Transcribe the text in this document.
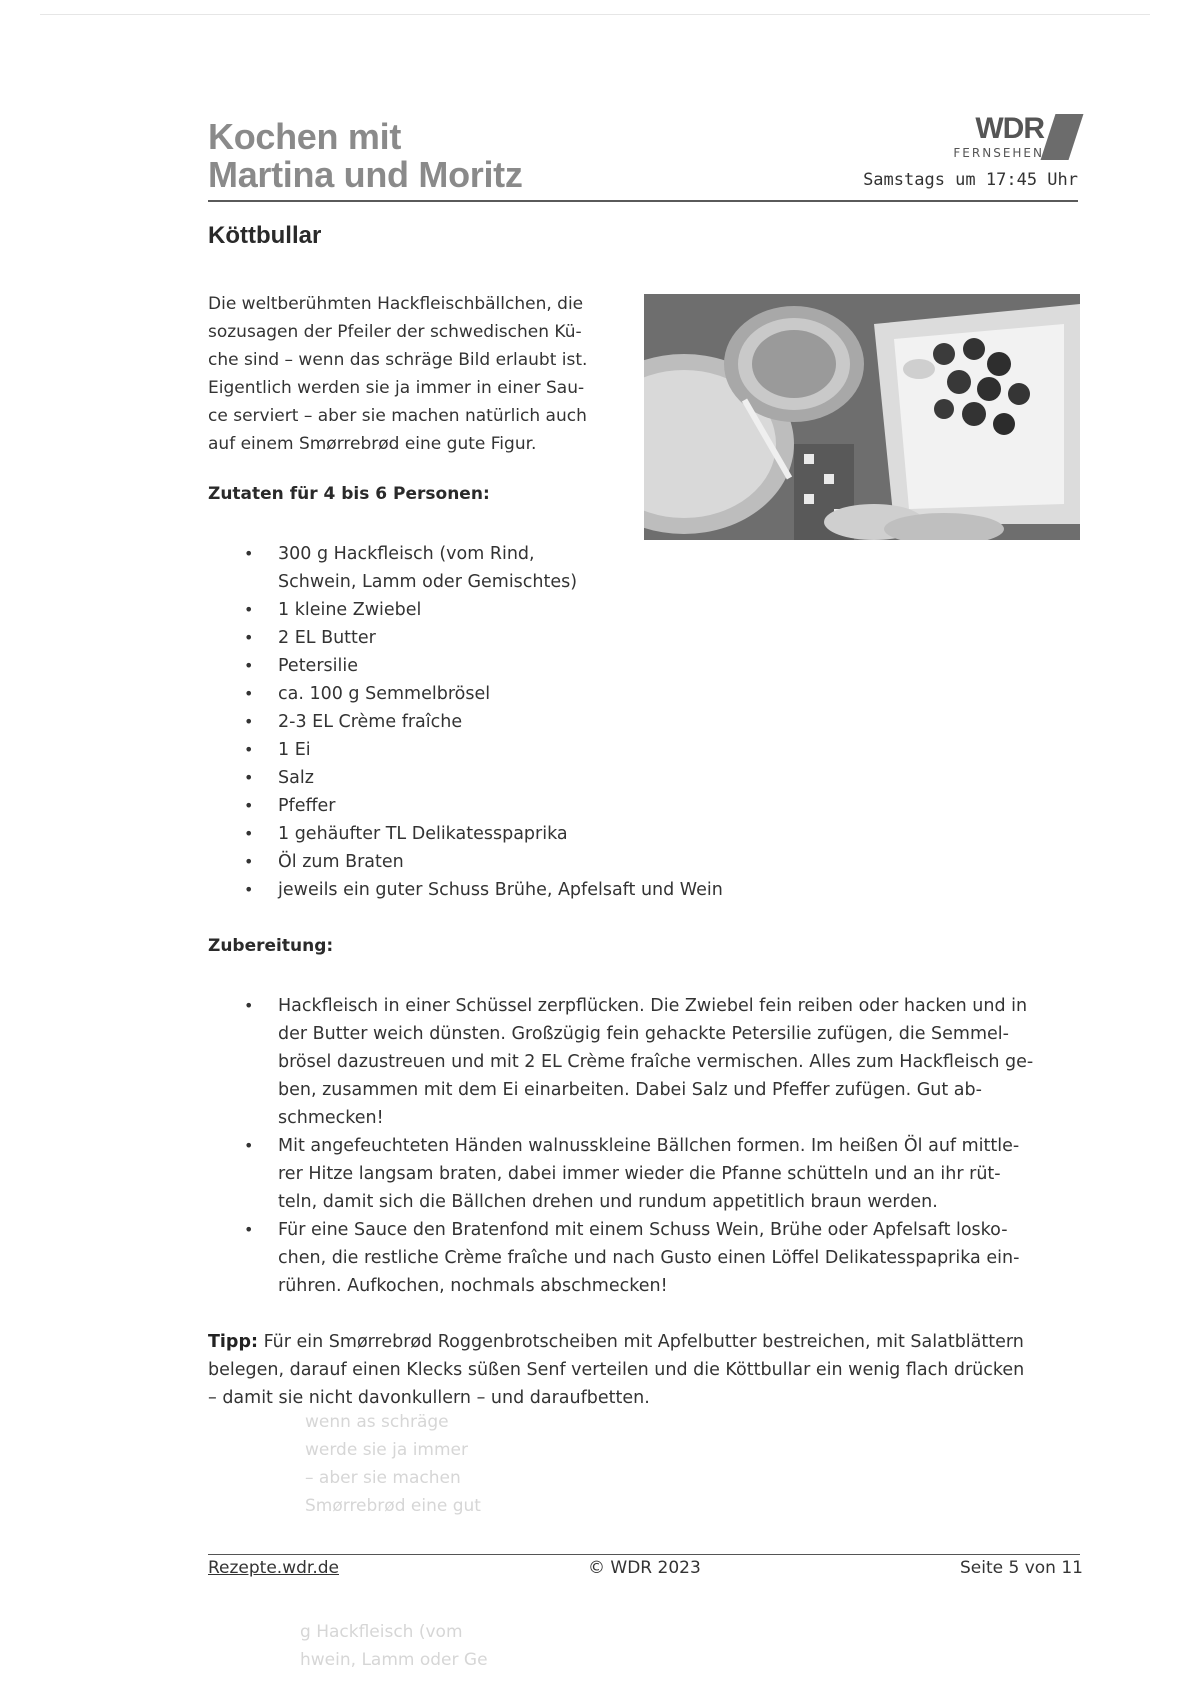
Kochen mit
Martina und Moritz
WDR
FERNSEHEN
Samstags um 17:45 Uhr
Köttbullar
Die weltberühmten Hackfleischbällchen, die
sozusagen der Pfeiler der schwedischen Kü-
che sind – wenn das schräge Bild erlaubt ist.
Eigentlich werden sie ja immer in einer Sau-
ce serviert – aber sie machen natürlich auch
auf einem Smørrebrød eine gute Figur.
Zutaten für 4 bis 6 Personen:
• 300 g Hackfleisch (vom Rind,
Schwein, Lamm oder Gemischtes)
• 1 kleine Zwiebel
• 2 EL Butter
• Petersilie
• ca. 100 g Semmelbrösel
• 2-3 EL Crème fraîche
• 1 Ei
• Salz
• Pfeffer
• 1 gehäufter TL Delikatesspaprika
• Öl zum Braten
• jeweils ein guter Schuss Brühe, Apfelsaft und Wein
Zubereitung:
• Hackfleisch in einer Schüssel zerpflücken. Die Zwiebel fein reiben oder hacken und in
der Butter weich dünsten. Großzügig fein gehackte Petersilie zufügen, die Semmel-
brösel dazustreuen und mit 2 EL Crème fraîche vermischen. Alles zum Hackfleisch ge-
ben, zusammen mit dem Ei einarbeiten. Dabei Salz und Pfeffer zufügen. Gut ab-
schmecken!
• Mit angefeuchteten Händen walnusskleine Bällchen formen. Im heißen Öl auf mittle-
rer Hitze langsam braten, dabei immer wieder die Pfanne schütteln und an ihr rüt-
teln, damit sich die Bällchen drehen und rundum appetitlich braun werden.
• Für eine Sauce den Bratenfond mit einem Schuss Wein, Brühe oder Apfelsaft losko-
chen, die restliche Crème fraîche und nach Gusto einen Löffel Delikatesspaprika ein-
rühren. Aufkochen, nochmals abschmecken!
Tipp: Für ein Smørrebrød Roggenbrotscheiben mit Apfelbutter bestreichen, mit Salatblättern
belegen, darauf einen Klecks süßen Senf verteilen und die Köttbullar ein wenig flach drücken
– damit sie nicht davonkullern – und daraufbetten.
wenn as schräge
werde sie ja immer
– aber sie machen
Smørrebrød eine gut
g Hackfleisch (vom
hwein, Lamm oder Ge
Rezepte.wdr.de	© WDR 2023	Seite 5 von 11
